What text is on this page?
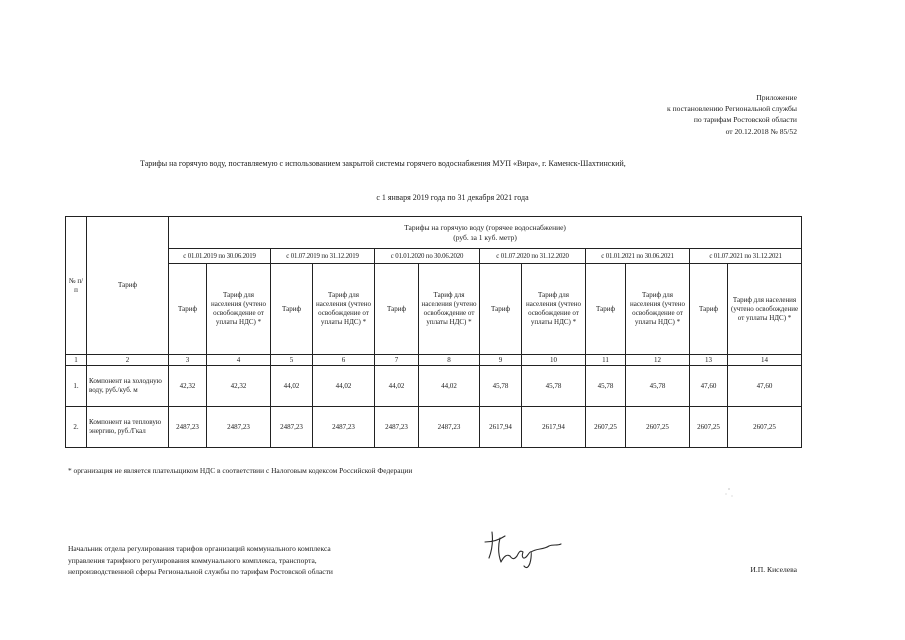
Приложение
к постановлению Региональной службы
по тарифам Ростовской области
от 20.12.2018 № 85/52
Тарифы на горячую воду, поставляемую с использованием закрытой системы горячего водоснабжения МУП «Вира», г. Каменск-Шахтинский,
с 1 января 2019 года по 31 декабря 2021 года
№ п/п	Тариф	Тарифы на горячую воду (горячее водоснабжение)
(руб. за 1 куб. метр)											

		с 01.01.2019 по 30.06.2019		с 01.07.2019 по 31.12.2019		с 01.01.2020 по 30.06.2020		с 01.07.2020 по 31.12.2020		с 01.01.2021 по 30.06.2021		с 01.07.2021 по 31.12.2021	
		Тариф	Тариф для населения (учтено освобождение от уплаты НДС) *	Тариф	Тариф для населения (учтено освобождение от уплаты НДС) *	Тариф	Тариф для населения (учтено освобождение от уплаты НДС) *	Тариф	Тариф для населения (учтено освобождение от уплаты НДС) *	Тариф	Тариф для населения (учтено освобождение от уплаты НДС) *	Тариф	Тариф для населения (учтено освобождение от уплаты НДС) *
1	2	3	4	5	6	7	8	9	10	11	12	13	14
1.	Компонент на холодную воду, руб./куб. м	42,32	42,32	44,02	44,02	44,02	44,02	45,78	45,78	45,78	45,78	47,60	47,60
2.	Компонент на тепловую энергию, руб./Гкал	2487,23	2487,23	2487,23	2487,23	2487,23	2487,23	2617,94	2617,94	2607,25	2607,25	2607,25	2607,25
* организация не является плательщиком НДС в соответствии с Налоговым кодексом Российской Федерации
Начальник отдела регулирования тарифов организаций коммунального комплекса
управления тарифного регулирования коммунального комплекса, транспорта,
непроизводственной сферы Региональной службы по тарифам Ростовской области	И.П. Киселева
